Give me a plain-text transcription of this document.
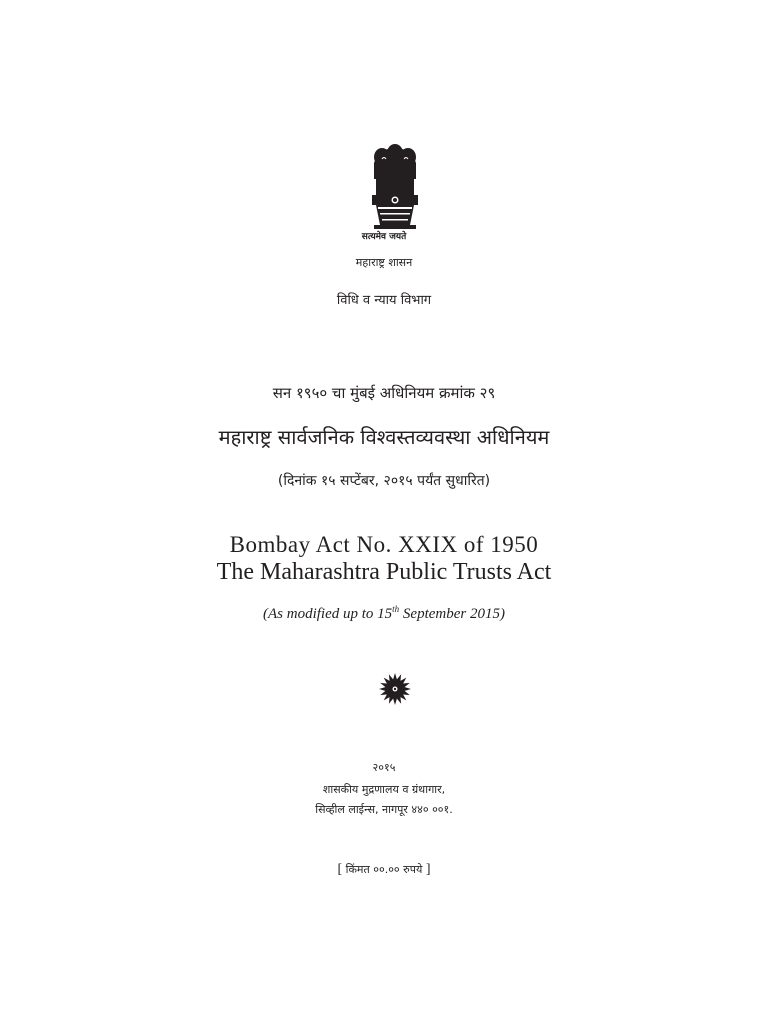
सत्यमेव जयते
महाराष्ट्र शासन
विधि व न्याय विभाग
सन १९५० चा मुंबई अधिनियम क्रमांक २९
महाराष्ट्र सार्वजनिक विश्वस्तव्यवस्था अधिनियम
(दिनांक १५ सप्टेंबर, २०१५ पर्यंत सुधारित)
Bombay Act No. XXIX of 1950
The Maharashtra Public Trusts Act
(As modified up to 15th September 2015)
२०१५
शासकीय मुद्रणालय व ग्रंथागार,
सिव्हील लाईन्स, नागपूर ४४० ००१.
[ किंमत ००.०० रुपये ]
